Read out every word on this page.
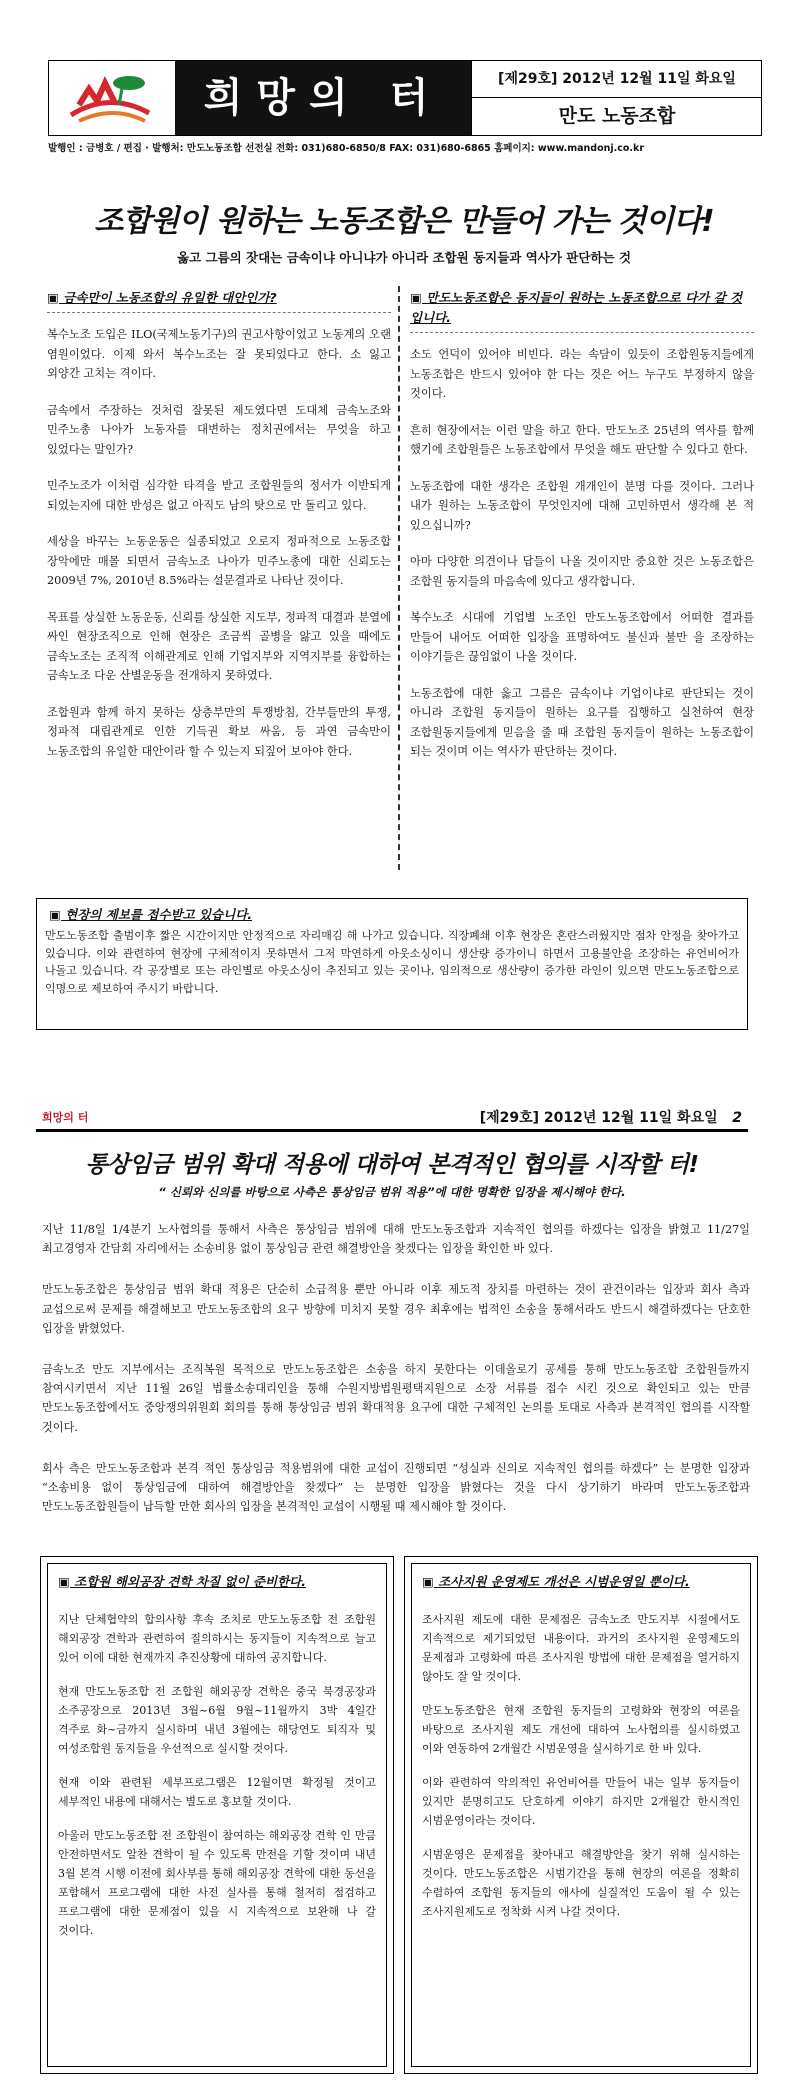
희망의 터	[제29호] 2012년 12월 11일 화요일
만도 노동조합
발행인 : 금병호 / 편집 · 발행처: 만도노동조합 선전실 전화: 031)680-6850/8 FAX: 031)680-6865 홈페이지: www.mandonj.co.kr
조합원이 원하는 노동조합은 만들어 가는 것이다!
옳고 그름의 잣대는 금속이냐 아니냐가 아니라 조합원 동지들과 역사가 판단하는 것
▣ 금속만이 노동조합의 유일한 대안인가?

복수노조 도입은 ILO(국제노동기구)의 권고사항이었고 노동계의 오랜 염원이었다. 이제 와서 복수노조는 잘 못되었다고 한다. 소 잃고 외양간 고치는 격이다.

금속에서 주장하는 것처럼 잘못된 제도였다면 도대체 금속노조와 민주노총 나아가 노동자를 대변하는 정치권에서는 무엇을 하고 있었다는 말인가?

민주노조가 이처럼 심각한 타격을 받고 조합원들의 정서가 이반되게 되었는지에 대한 반성은 없고 아직도 남의 탓으로 만 돌리고 있다.

세상을 바꾸는 노동운동은 실종되었고 오로지 정파적으로 노동조합 장악에만 매몰 되면서 금속노조 나아가 민주노총에 대한 신뢰도는 2009년 7%, 2010년 8.5%라는 설문결과로 나타난 것이다.

목표를 상실한 노동운동, 신뢰를 상실한 지도부, 정파적 대결과 분열에 싸인 현장조직으로 인해 현장은 조금씩 골병을 앓고 있을 때에도 금속노조는 조직적 이해관계로 인해 기업지부와 지역지부를 융합하는 금속노조 다운 산별운동을 전개하지 못하였다.

조합원과 함께 하지 못하는 상층부만의 투쟁방침, 간부들만의 투쟁, 정파적 대립관계로 인한 기득권 확보 싸움, 등 과연 금속만이 노동조합의 유일한 대안이라 할 수 있는지 되짚어 보아야 한다.

▣ 만도노동조합은 동지들이 원하는 노동조합으로 다가 갈 것입니다.

소도 언덕이 있어야 비빈다. 라는 속담이 있듯이 조합원동지들에게 노동조합은 반드시 있어야 한 다는 것은 어느 누구도 부정하지 않을 것이다.

흔히 현장에서는 이런 말을 하고 한다. 만도노조 25년의 역사를 함께 했기에 조합원들은 노동조합에서 무엇을 해도 판단할 수 있다고 한다.

노동조합에 대한 생각은 조합원 개개인이 분명 다를 것이다. 그러나 내가 원하는 노동조합이 무엇인지에 대해 고민하면서 생각해 본 적 있으십니까?

아마 다양한 의견이나 답들이 나올 것이지만 중요한 것은 노동조합은 조합원 동지들의 마음속에 있다고 생각합니다.

복수노조 시대에 기업별 노조인 만도노동조합에서 어떠한 결과를 만들어 내어도 어떠한 입장을 표명하여도 불신과 불만 을 조장하는 이야기들은 끊임없이 나올 것이다.

노동조합에 대한 옳고 그름은 금속이냐 기업이냐로 판단되는 것이 아니라 조합원 동지들이 원하는 요구를 집행하고 실천하여 현장 조합원동지들에게 믿음을 줄 때 조합원 동지들이 원하는 노동조합이 되는 것이며 이는 역사가 판단하는 것이다.

▣ 현장의 제보를 접수받고 있습니다.
만도노동조합 출범이후 짧은 시간이지만 안정적으로 자리매김 해 나가고 있습니다. 직장폐쇄 이후 현장은 혼란스러웠지만 점차 안정을 찾아가고 있습니다. 이와 관련하여 현장에 구체적이지 못하면서 그저 막연하게 아웃소싱이니 생산량 증가이니 하면서 고용불안을 조장하는 유언비어가 나돌고 있습니다. 각 공장별로 또는 라인별로 아웃소싱이 추진되고 있는 곳이나, 임의적으로 생산량이 증가한 라인이 있으면 만도노동조합으로 익명으로 제보하여 주시기 바랍니다.
희망의 터	[제29호] 2012년 12월 11일 화요일 2
통상임금 범위 확대 적용에 대하여 본격적인 협의를 시작할 터!
“ 신뢰와 신의를 바탕으로 사측은 통상임금 범위 적용”에 대한 명확한 입장을 제시해야 한다.

지난 11/8일 1/4분기 노사협의를 통해서 사측은 통상임금 범위에 대해 만도노동조합과 지속적인 협의를 하겠다는 입장을 밝혔고 11/27일 최고경영자 간담회 자리에서는 소송비용 없이 통상임금 관련 해결방안을 찾겠다는 입장을 확인한 바 있다.

만도노동조합은 통상임금 범위 확대 적용은 단순히 소급적용 뿐만 아니라 이후 제도적 장치를 마련하는 것이 관건이라는 입장과 회사 측과 교섭으로써 문제를 해결해보고 만도노동조합의 요구 방향에 미치지 못할 경우 최후에는 법적인 소송을 통해서라도 반드시 해결하겠다는 단호한 입장을 밝혔었다.

금속노조 만도 지부에서는 조직복원 목적으로 만도노동조합은 소송을 하지 못한다는 이데올로기 공세를 통해 만도노동조합 조합원들까지 참여시키면서 지난 11월 26일 법률소송대리인을 통해 수원지방법원평택지원으로 소장 서류를 접수 시킨 것으로 확인되고 있는 만큼 만도노동조합에서도 중앙쟁의위원회 회의를 통해 통상임금 범위 확대적용 요구에 대한 구체적인 논의를 토대로 사측과 본격적인 협의를 시작할 것이다.

회사 측은 만도노동조합과 본격 적인 통상임금 적용범위에 대한 교섭이 진행되면 “성실과 신의로 지속적인 협의를 하겠다” 는 분명한 입장과 “소송비용 없이 통상임금에 대하여 해결방안을 찾겠다” 는 분명한 입장을 밝혔다는 것을 다시 상기하기 바라며 만도노동조합과 만도노동조합원들이 납득할 만한 회사의 입장을 본격적인 교섭이 시행될 때 제시해야 할 것이다.

▣ 조합원 해외공장 견학 차질 없이 준비한다.

지난 단체협약의 합의사항 후속 조치로 만도노동조합 전 조합원 해외공장 견학과 관련하여 질의하시는 동지들이 지속적으로 늘고 있어 이에 대한 현재까지 추진상황에 대하여 공지합니다.

현재 만도노동조합 전 조합원 해외공장 견학은 중국 북경공장과 소주공장으로 2013년 3월~6월 9월~11월까지 3박 4일간 격주로 화~금까지 실시하며 내년 3월에는 해당연도 퇴직자 및 여성조합원 동지들을 우선적으로 실시할 것이다.

현재 이와 관련된 세부프로그램은 12월이면 확정될 것이고 세부적인 내용에 대해서는 별도로 홍보할 것이다.

아울러 만도노동조합 전 조합원이 참여하는 해외공장 견학 인 만큼 안전하면서도 알찬 견학이 될 수 있도록 만전을 기할 것이며 내년 3월 본격 시행 이전에 회사부를 통해 해외공장 견학에 대한 동선을 포함해서 프로그램에 대한 사전 실사를 통해 철저히 점검하고 프로그램에 대한 문제점이 있을 시 지속적으로 보완해 나 갈 것이다.

▣ 조사지원 운영제도 개선은 시범운영일 뿐이다.

조사지원 제도에 대한 문제점은 금속노조 만도지부 시절에서도 지속적으로 제기되었던 내용이다. 과거의 조사지원 운영제도의 문제점과 고령화에 따른 조사지원 방법에 대한 문제점을 열거하지 않아도 잘 알 것이다.

만도노동조합은 현재 조합원 동지들의 고령화와 현장의 여론을 바탕으로 조사지원 제도 개선에 대하여 노사협의를 실시하였고 이와 연동하여 2개월간 시범운영을 실시하기로 한 바 있다.

이와 관련하여 악의적인 유언비어를 만들어 내는 일부 동지들이 있지만 분명히고도 단호하게 이야기 하지만 2개월간 한시적인 시범운영이라는 것이다.

시범운영은 문제점을 찾아내고 해결방안을 찾기 위해 실시하는 것이다. 만도노동조합은 시범기간을 통해 현장의 여론을 정확히 수렴하여 조합원 동지들의 애사에 실질적인 도움이 될 수 있는 조사지원제도로 정착화 시켜 나갈 것이다.
